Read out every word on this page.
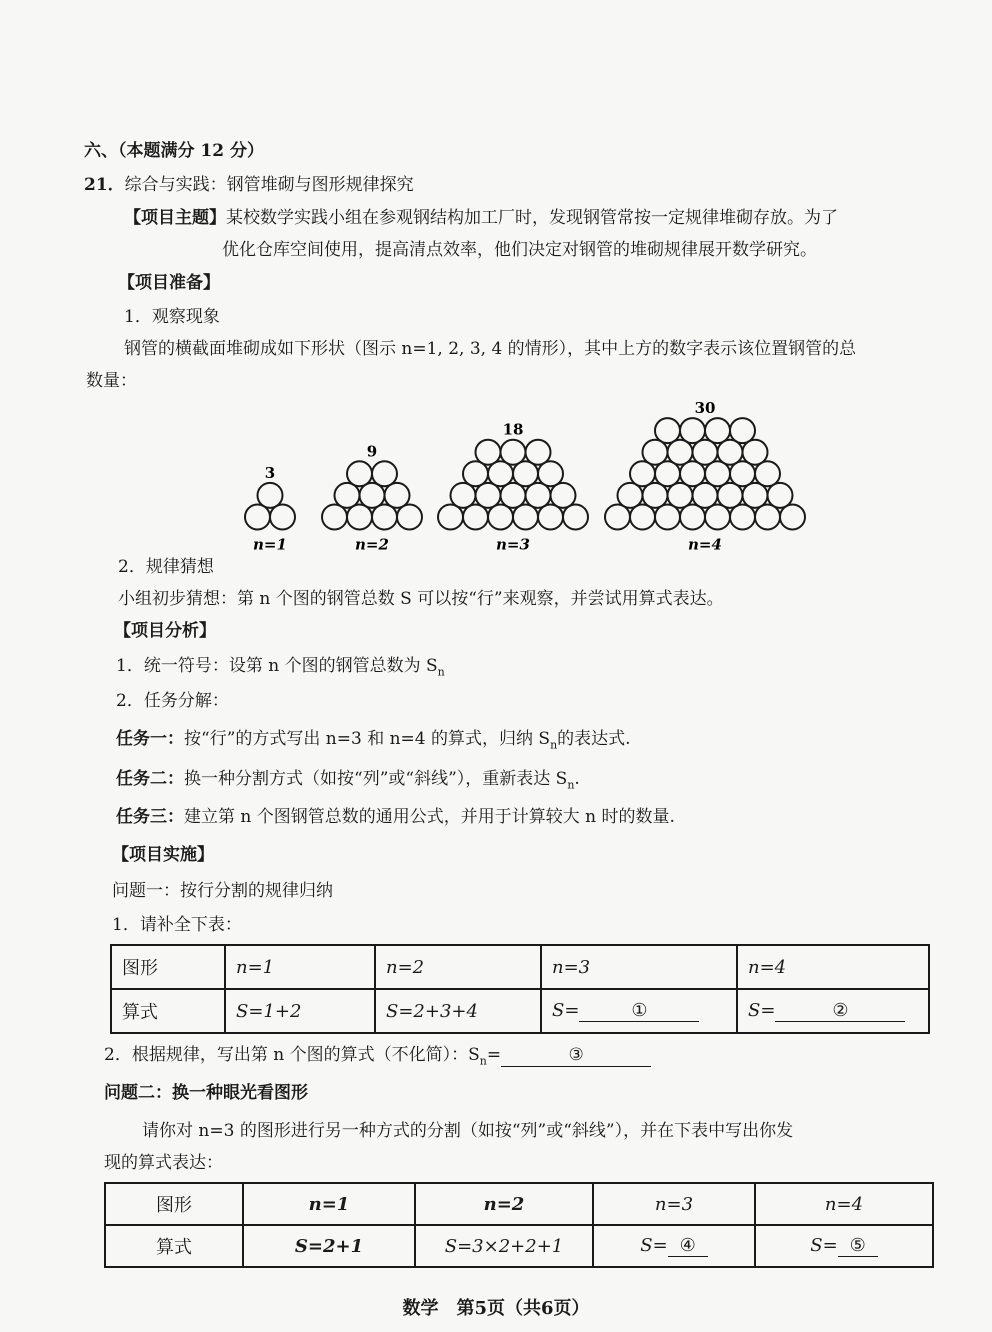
六、（本题满分 12 分）
21．综合与实践：钢管堆砌与图形规律探究
【项目主题】某校数学实践小组在参观钢结构加工厂时，发现钢管常按一定规律堆砌存放。为了
优化仓库空间使用，提高清点效率，他们决定对钢管的堆砌规律展开数学研究。
【项目准备】
1．观察现象
钢管的横截面堆砌成如下形状（图示 n=1, 2, 3, 4 的情形），其中上方的数字表示该位置钢管的总
数量：
3
n=1
9
n=2
18
n=3
30
n=4
2．规律猜想
小组初步猜想：第 n 个图的钢管总数 S 可以按“行”来观察，并尝试用算式表达。
【项目分析】
1．统一符号：设第 n 个图的钢管总数为 $S_n$
2．任务分解：
任务一：按“行”的方式写出 n=3 和 n=4 的算式，归纳 $S_n$的表达式.
任务二：换一种分割方式（如按“列”或“斜线”），重新表达 $S_n$.
任务三：建立第 n 个图钢管总数的通用公式，并用于计算较大 n 时的数量.
【项目实施】
问题一：按行分割的规律归纳
1．请补全下表：
图形	n=1	n=2	n=3	n=4
算式	S=1+2	S=2+3+4	S= ①	S= ②
2．根据规律，写出第 n 个图的算式（不化简）：$S_n=$	③
问题二：换一种眼光看图形
请你对 n=3 的图形进行另一种方式的分割（如按“列”或“斜线”），并在下表中写出你发
现的算式表达：
图形	n=1	n=2	n=3	n=4
算式	S=2+1	S=3×2+2+1	S= ④	S= ⑤
数学　第5页（共6页）
